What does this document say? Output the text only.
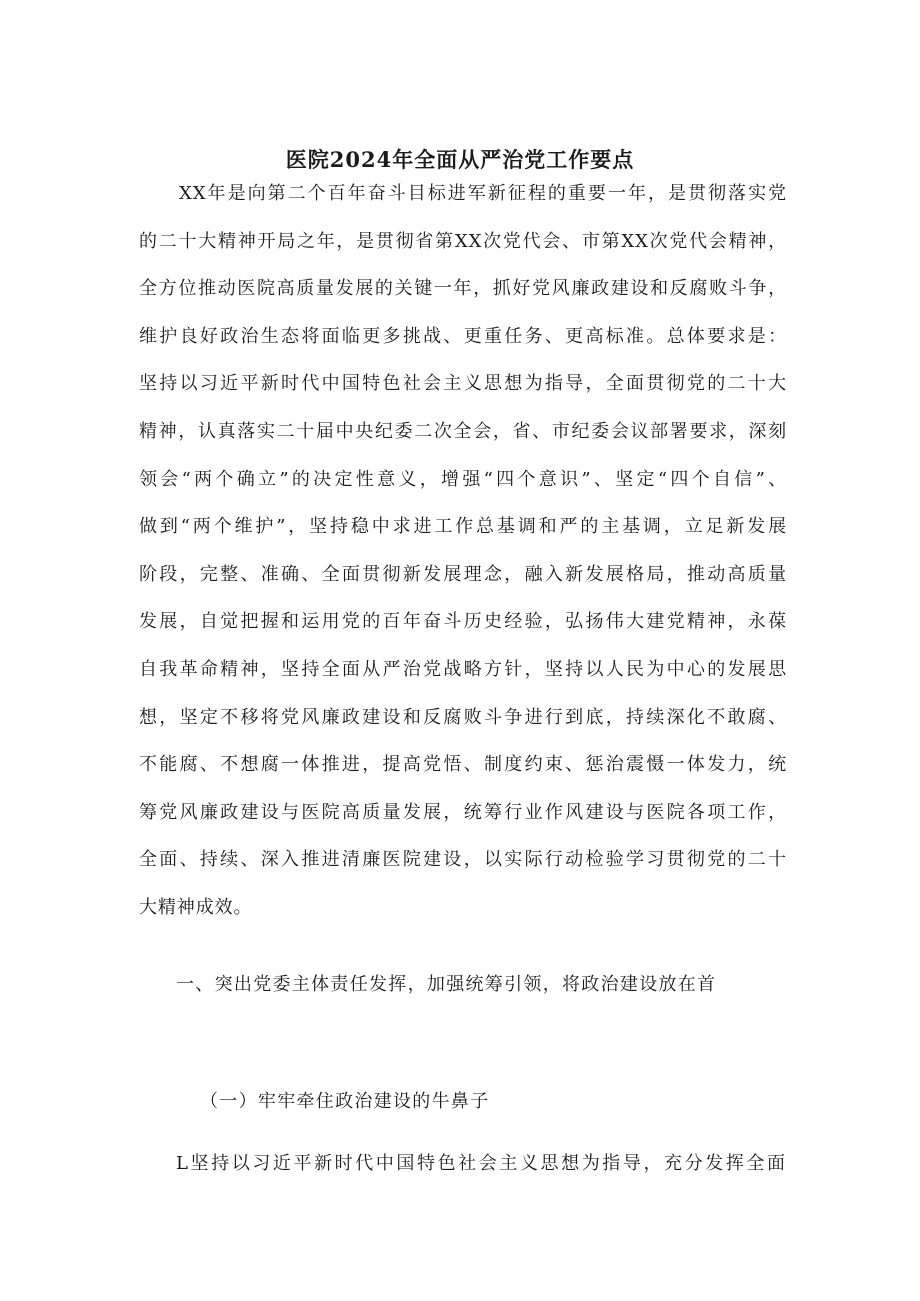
医院2024年全面从严治党工作要点
XX年是向第二个百年奋斗目标进军新征程的重要一年，是贯彻落实党
的二十大精神开局之年，是贯彻省第XX次党代会、市第XX次党代会精神，
全方位推动医院高质量发展的关键一年，抓好党风廉政建设和反腐败斗争，
维护良好政治生态将面临更多挑战、更重任务、更高标准。总体要求是：
坚持以习近平新时代中国特色社会主义思想为指导，全面贯彻党的二十大
精神，认真落实二十届中央纪委二次全会，省、市纪委会议部署要求，深刻
领会“两个确立”的决定性意义，增强“四个意识”、坚定“四个自信”、
做到“两个维护”，坚持稳中求进工作总基调和严的主基调，立足新发展
阶段，完整、准确、全面贯彻新发展理念，融入新发展格局，推动高质量
发展，自觉把握和运用党的百年奋斗历史经验，弘扬伟大建党精神，永葆
自我革命精神，坚持全面从严治党战略方针，坚持以人民为中心的发展思
想，坚定不移将党风廉政建设和反腐败斗争进行到底，持续深化不敢腐、
不能腐、不想腐一体推进，提高党悟、制度约束、惩治震慑一体发力，统
筹党风廉政建设与医院高质量发展，统筹行业作风建设与医院各项工作，
全面、持续、深入推进清廉医院建设，以实际行动检验学习贯彻党的二十
大精神成效。
一、突出党委主体责任发挥，加强统筹引领，将政治建设放在首
（一）牢牢牵住政治建设的牛鼻子
L坚持以习近平新时代中国特色社会主义思想为指导，充分发挥全面
